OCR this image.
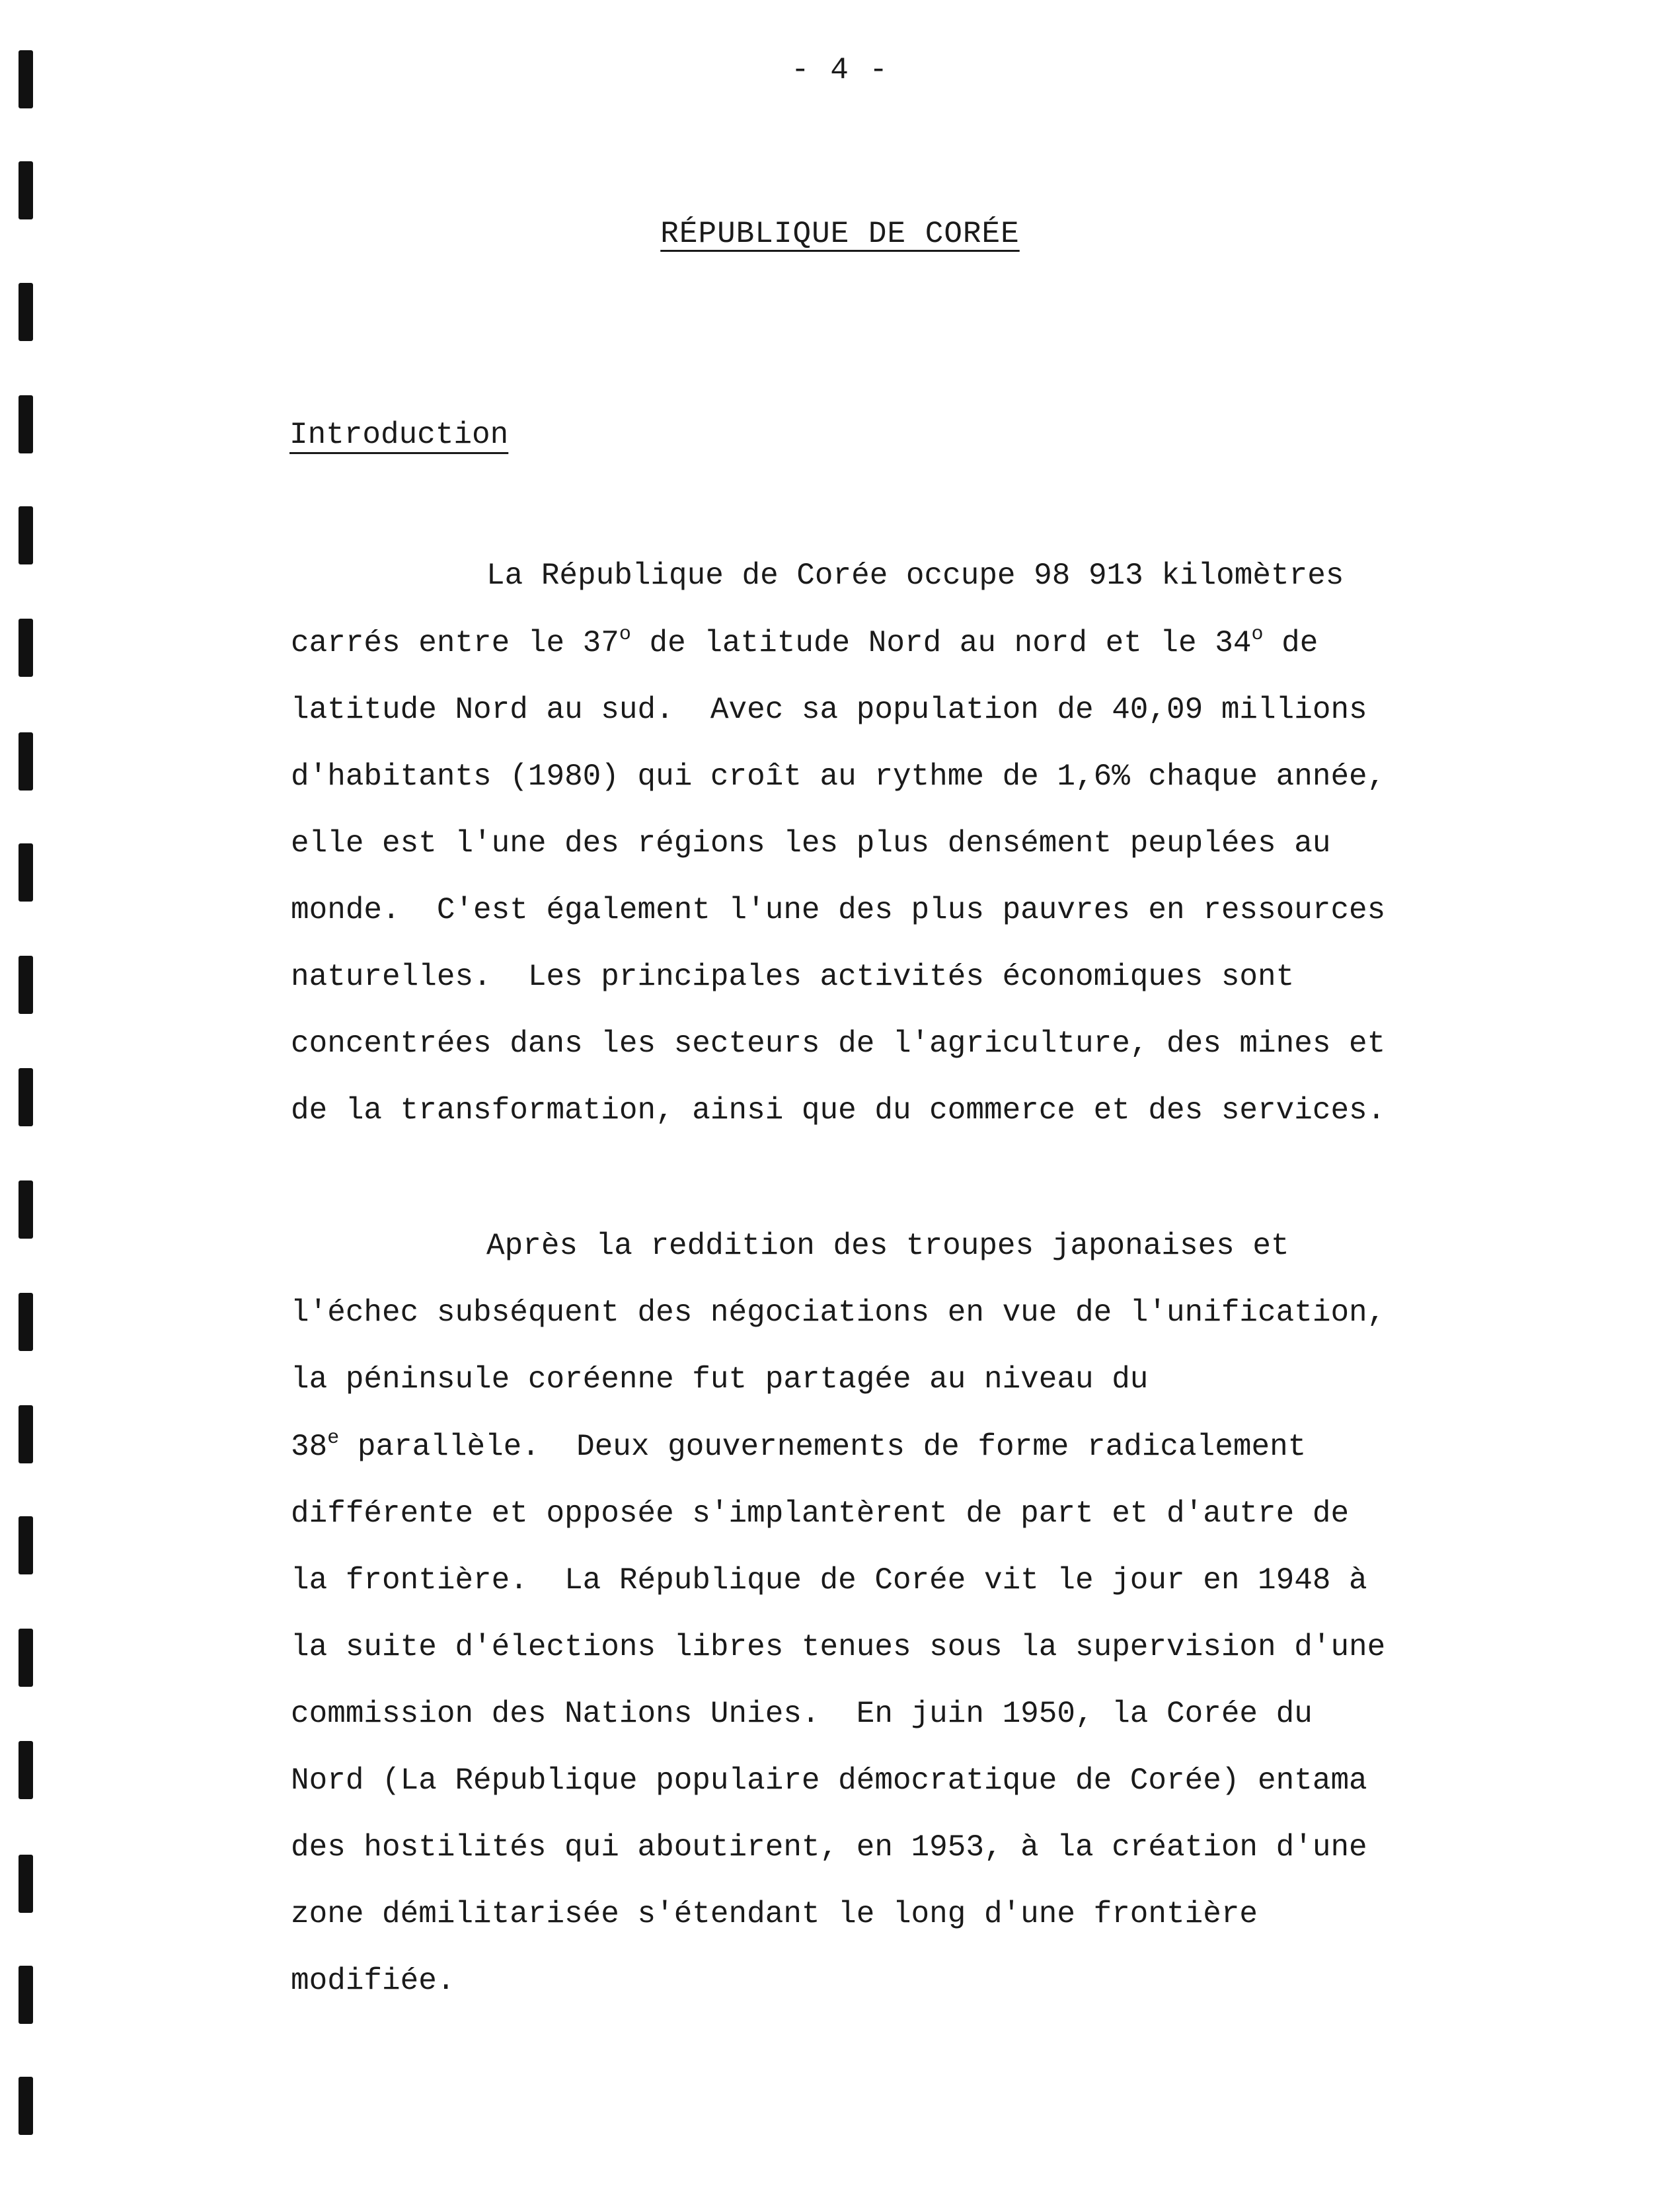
- 4 -
RÉPUBLIQUE DE CORÉE
Introduction
La République de Corée occupe 98 913 kilomètres
carrés entre le 37$^o$ de latitude Nord au nord et le 34$^o$ de
latitude Nord au sud.  Avec sa population de 40,09 millions
d'habitants (1980) qui croît au rythme de 1,6% chaque année,
elle est l'une des régions les plus densément peuplées au
monde.  C'est également l'une des plus pauvres en ressources
naturelles.  Les principales activités économiques sont
concentrées dans les secteurs de l'agriculture, des mines et
de la transformation, ainsi que du commerce et des services.
Après la reddition des troupes japonaises et
l'échec subséquent des négociations en vue de l'unification,
la péninsule coréenne fut partagée au niveau du
38e parallèle.  Deux gouvernements de forme radicalement
différente et opposée s'implantèrent de part et d'autre de
la frontière.  La République de Corée vit le jour en 1948 à
la suite d'élections libres tenues sous la supervision d'une
commission des Nations Unies.  En juin 1950, la Corée du
Nord (La République populaire démocratique de Corée) entama
des hostilités qui aboutirent, en 1953, à la création d'une
zone démilitarisée s'étendant le long d'une frontière
modifiée.
